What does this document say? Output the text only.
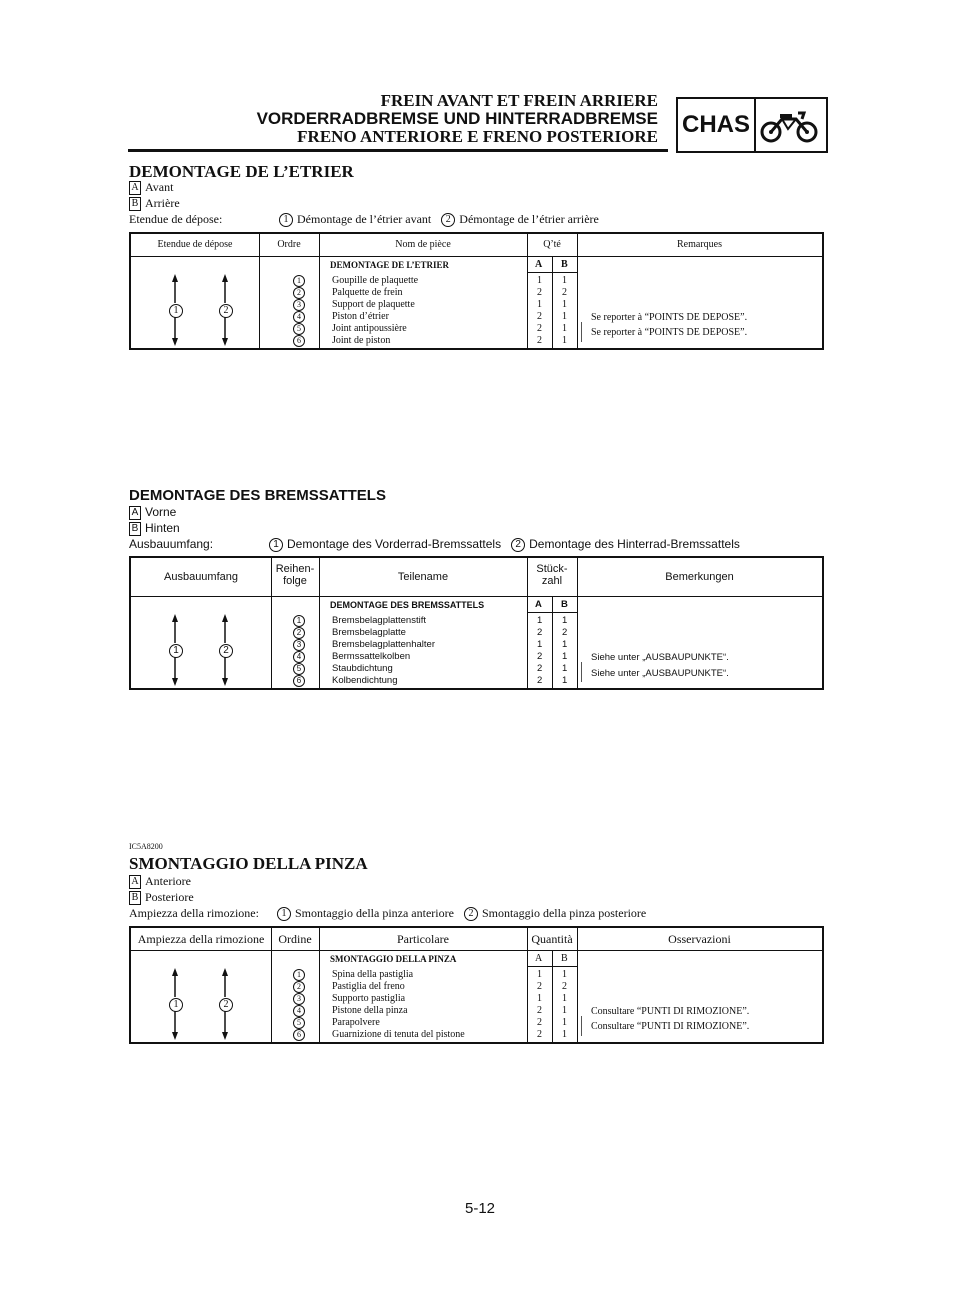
FREIN AVANT ET FREIN ARRIERE
VORDERRADBREMSE UND HINTERRADBREMSE
FRENO ANTERIORE E FRENO POSTERIORE CHAS
DEMONTAGE DE L’ETRIER
A Avant
B Arrière
Etendue de dépose:	1 Démontage de l’étrier avant 2 Démontage de l’étrier arrière
Etendue de dépose	Ordre	Nom de pièce	Q’té	Remarques
DEMONTAGE DE L’ETRIER	A B
1	2
1	Goupille de plaquette	1 1
2	Palquette de frein	2 2
3	Support de plaquette	1 1
4	Piston d’étrier	2 1
5	Joint antipoussière	2 1
6	Joint de piston	2 1
Se reporter à “POINTS DE DEPOSE”.
Se reporter à “POINTS DE DEPOSE”.
DEMONTAGE DES BREMSSATTELS
A Vorne
B Hinten
Ausbauumfang:	1 Demontage des Vorderrad-Bremssattels 2 Demontage des Hinterrad-Bremssattels
Ausbauumfang
Reihen-
folge	Teilename
Stück-
zahl	Bemerkungen
DEMONTAGE DES BREMSSATTELS	A B
1	2
1	Bremsbelagplattenstift	1 1
2	Bremsbelagplatte	2 2
3	Bremsbelagplattenhalter	1 1
4	Bermssattelkolben	2 1
5	Staubdichtung	2 1
6	Kolbendichtung	2 1
Siehe unter „AUSBAUPUNKTE“.
Siehe unter „AUSBAUPUNKTE“.
IC5A8200
SMONTAGGIO DELLA PINZA
A Anteriore
B Posteriore
Ampiezza della rimozione: 1 Smontaggio della pinza anteriore 2 Smontaggio della pinza posteriore
Ampiezza della rimozione	Ordine	Particolare	Quantità	Osservazioni
SMONTAGGIO DELLA PINZA	A B
1	2
1	Spina della pastiglia	1 1
2	Pastiglia del freno	2 2
3	Supporto pastiglia	1 1
4	Pistone della pinza	2 1
5	Parapolvere	2 1
6	Guarnizione di tenuta del pistone	2 1
Consultare “PUNTI DI RIMOZIONE”.
Consultare “PUNTI DI RIMOZIONE”.
5-12
